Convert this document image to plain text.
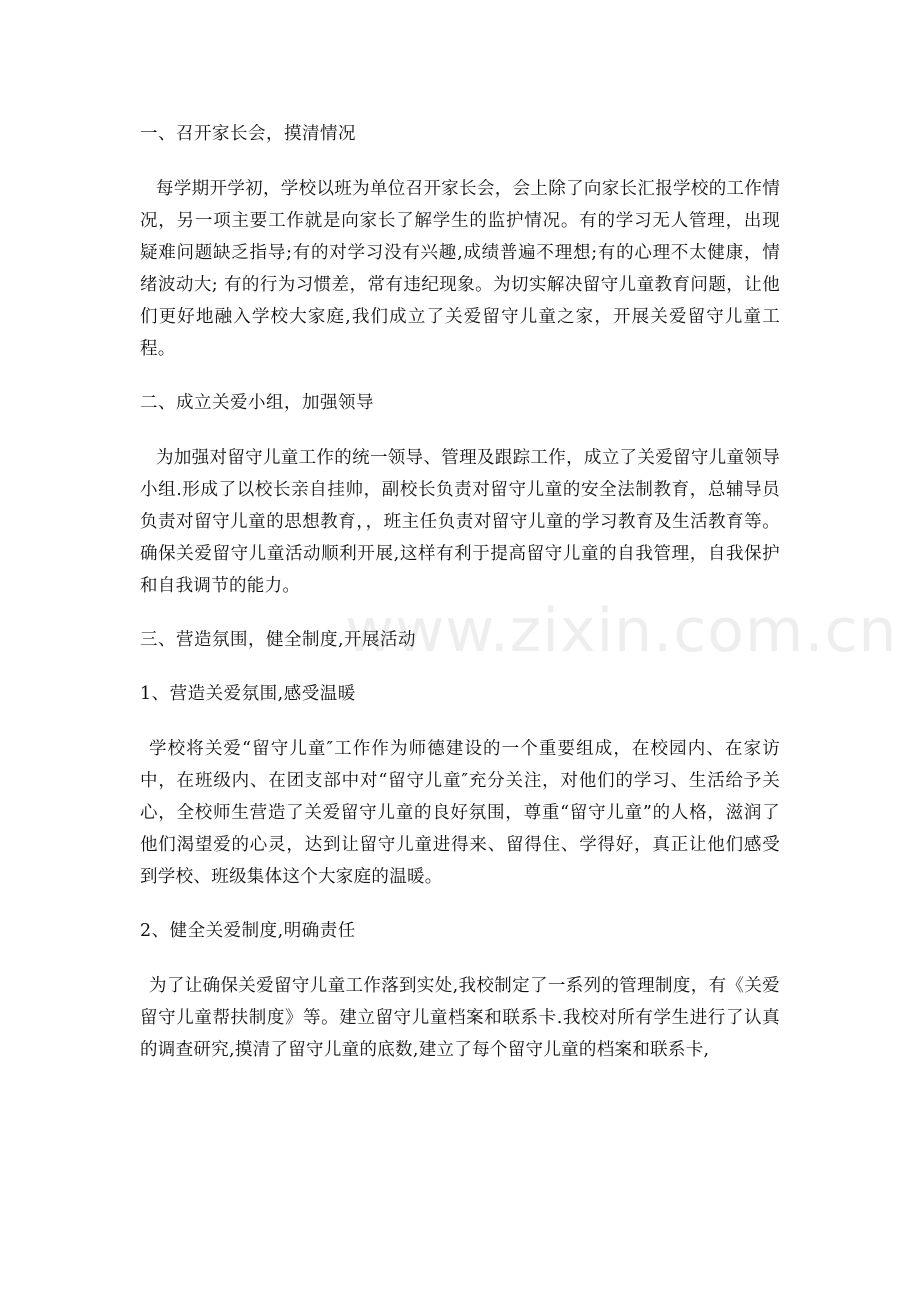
一、召开家长会，摸清情况

每学期开学初，学校以班为单位召开家长会，会上除了向家长汇报学校的工作情况，另一项主要工作就是向家长了解学生的监护情况。有的学习无人管理，出现疑难问题缺乏指导;有的对学习没有兴趣,成绩普遍不理想;有的心理不太健康，情绪波动大; 有的行为习惯差，常有违纪现象。为切实解决留守儿童教育问题，让他们更好地融入学校大家庭,我们成立了关爱留守儿童之家，开展关爱留守儿童工程。

二、成立关爱小组，加强领导

为加强对留守儿童工作的统一领导、管理及跟踪工作，成立了关爱留守儿童领导小组.形成了以校长亲自挂帅，副校长负责对留守儿童的安全法制教育，总辅导员负责对留守儿童的思想教育，，班主任负责对留守儿童的学习教育及生活教育等。确保关爱留守儿童活动顺利开展,这样有利于提高留守儿童的自我管理，自我保护和自我调节的能力。

三、营造氛围，健全制度,开展活动

1、营造关爱氛围,感受温暖

学校将关爱“留守儿童″工作作为师德建设的一个重要组成，在校园内、在家访中，在班级内、在团支部中对“留守儿童″充分关注，对他们的学习、生活给予关心，全校师生营造了关爱留守儿童的良好氛围，尊重“留守儿童”的人格，滋润了他们渴望爱的心灵，达到让留守儿童进得来、留得住、学得好，真正让他们感受到学校、班级集体这个大家庭的温暖。

2、健全关爱制度,明确责任

为了让确保关爱留守儿童工作落到实处,我校制定了一系列的管理制度，有《关爱留守儿童帮扶制度》等。建立留守儿童档案和联系卡.我校对所有学生进行了认真的调查研究,摸清了留守儿童的底数,建立了每个留守儿童的档案和联系卡,

www.zixin.com.cn
